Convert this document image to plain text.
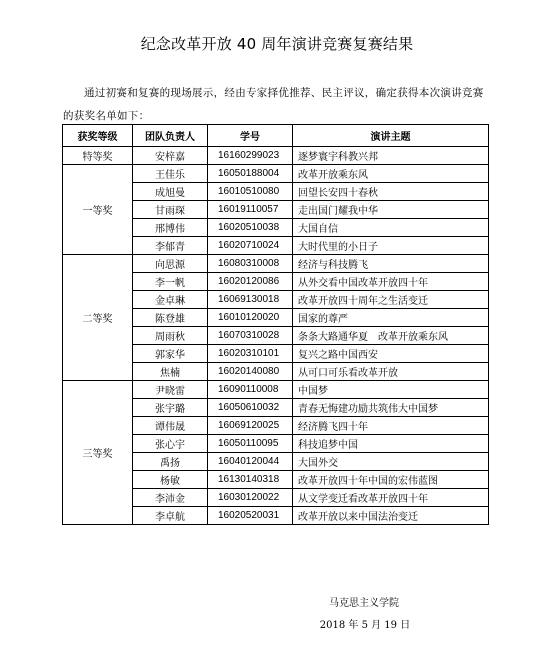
纪念改革开放 40 周年演讲竞赛复赛结果
通过初赛和复赛的现场展示，经由专家择优推荐、民主评议，确定获得本次演讲竞赛的获奖名单如下：
获奖等级	团队负责人	学号	演讲主题
特等奖	安梓嘉	16160299023	逐梦寰宇科教兴邦
一等奖	王佳乐	16050188004	改革开放乘东风
	成旭曼	16010510080	回望长安四十春秋
	甘雨琛	16019110057	走出国门耀我中华
	邢博伟	16020510038	大国自信
	李郁青	16020710024	大时代里的小日子
二等奖	向思源	16080310008	经济与科技腾飞
	李一帆	16020120086	从外交看中国改革开放四十年
	金卓琳	16069130018	改革开放四十周年之生活变迁
	陈登雄	16010120020	国家的尊严
	周雨秋	16070310028	条条大路通华夏　改革开放乘东风
	郭家华	16020310101	复兴之路中国西安
	焦楠	16020140080	从可口可乐看改革开放
三等奖	尹晓雷	16090110008	中国梦
	张宇璐	16050610032	青春无悔建功励共筑伟大中国梦
	谭伟晟	16069120025	经济腾飞四十年
	张心宇	16050110095	科技追梦中国
	禹扬	16040120044	大国外交
	杨敏	16130140318	改革开放四十年中国的宏伟蓝图
	李沛金	16030120022	从文学变迁看改革开放四十年
	李卓航	16020520031	改革开放以来中国法治变迁
马克思主义学院
2018 年 5 月 19 日
